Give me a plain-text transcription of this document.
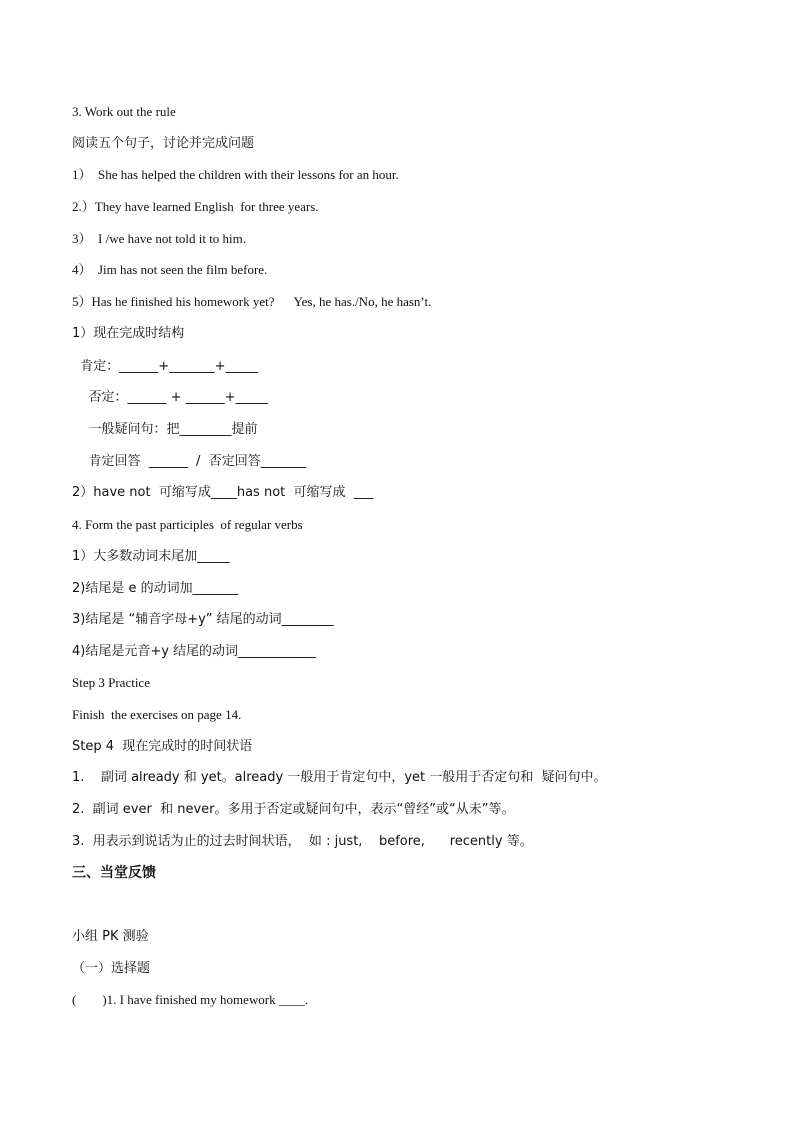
3. Work out the rule
阅读五个句子，讨论并完成问题
1）  She has helped the children with their lessons for an hour.
2.）They have learned English  for three years.
3）  I /we have not told it to him.
4）  Jim has not seen the film before.
5）Has he finished his homework yet?      Yes, he has./No, he hasn’t.
1）现在完成时结构
肯定：______+_______+_____
否定：______ + ______+_____
一般疑问句：把________提前
肯定回答  ______  /  否定回答_______
2）have not  可缩写成____has not  可缩写成  ___
4. Form the past participles  of regular verbs
1）大多数动词末尾加_____
2)结尾是 e 的动词加_______
3)结尾是 “辅音字母+y” 结尾的动词________
4)结尾是元音+y 结尾的动词____________
Step 3 Practice
Finish  the exercises on page 14.
Step 4  现在完成时的时间状语
1.    副词 already 和 yet。already 一般用于肯定句中，yet 一般用于否定句和  疑问句中。
2.  副词 ever  和 never。多用于否定或疑问句中，表示“曾经”或“从未”等。
3.  用表示到说话为止的过去时间状语，  如 : just,    before,      recently 等。
三、当堂反馈
小组 PK 测验
（一）选择题
(        )1. I have finished my homework ____.
